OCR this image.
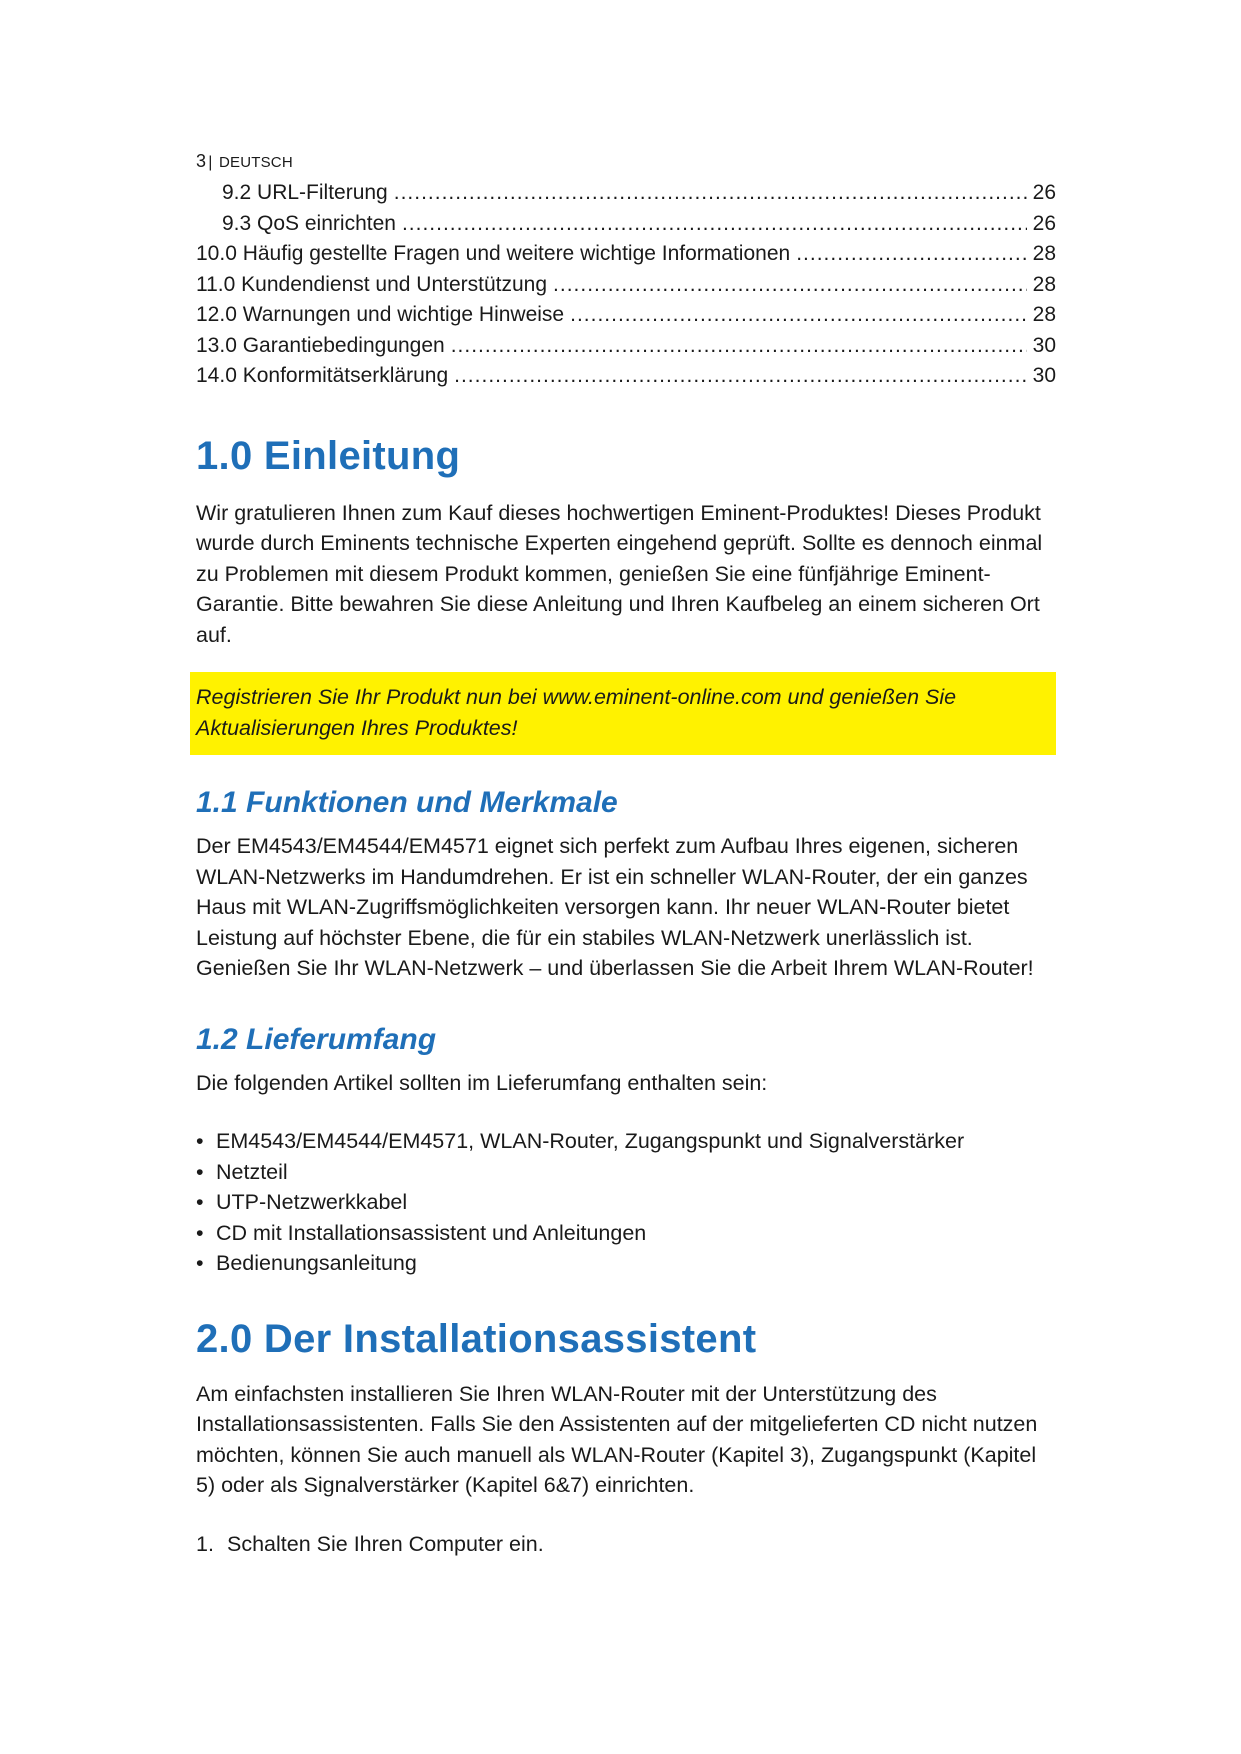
3 | DEUTSCH
9.2 URL-Filterung .....	26
9.3 QoS einrichten .....	26
10.0 Häufig gestellte Fragen und weitere wichtige Informationen .....	28
11.0 Kundendienst und Unterstützung .....	28
12.0 Warnungen und wichtige Hinweise .....	28
13.0 Garantiebedingungen .....	30
14.0 Konformitätserklärung .....	30
1.0 Einleitung

Wir gratulieren Ihnen zum Kauf dieses hochwertigen Eminent-Produktes! Dieses Produkt wurde durch Eminents technische Experten eingehend geprüft. Sollte es dennoch einmal zu Problemen mit diesem Produkt kommen, genießen Sie eine fünfjährige Eminent-Garantie. Bitte bewahren Sie diese Anleitung und Ihren Kaufbeleg an einem sicheren Ort auf.

Registrieren Sie Ihr Produkt nun bei www.eminent-online.com und genießen Sie Aktualisierungen Ihres Produktes!
1.1 Funktionen und Merkmale

Der EM4543/EM4544/EM4571 eignet sich perfekt zum Aufbau Ihres eigenen, sicheren WLAN-Netzwerks im Handumdrehen. Er ist ein schneller WLAN-Router, der ein ganzes Haus mit WLAN-Zugriffsmöglichkeiten versorgen kann. Ihr neuer WLAN-Router bietet Leistung auf höchster Ebene, die für ein stabiles WLAN-Netzwerk unerlässlich ist. Genießen Sie Ihr WLAN-Netzwerk – und überlassen Sie die Arbeit Ihrem WLAN-Router!

1.2 Lieferumfang

Die folgenden Artikel sollten im Lieferumfang enthalten sein:

• EM4543/EM4544/EM4571, WLAN-Router, Zugangspunkt und Signalverstärker
• Netzteil
• UTP-Netzwerkkabel
• CD mit Installationsassistent und Anleitungen
• Bedienungsanleitung
2.0 Der Installationsassistent

Am einfachsten installieren Sie Ihren WLAN-Router mit der Unterstützung des Installationsassistenten. Falls Sie den Assistenten auf der mitgelieferten CD nicht nutzen möchten, können Sie auch manuell als WLAN-Router (Kapitel 3), Zugangspunkt (Kapitel 5) oder als Signalverstärker (Kapitel 6&7) einrichten.

1. Schalten Sie Ihren Computer ein.
